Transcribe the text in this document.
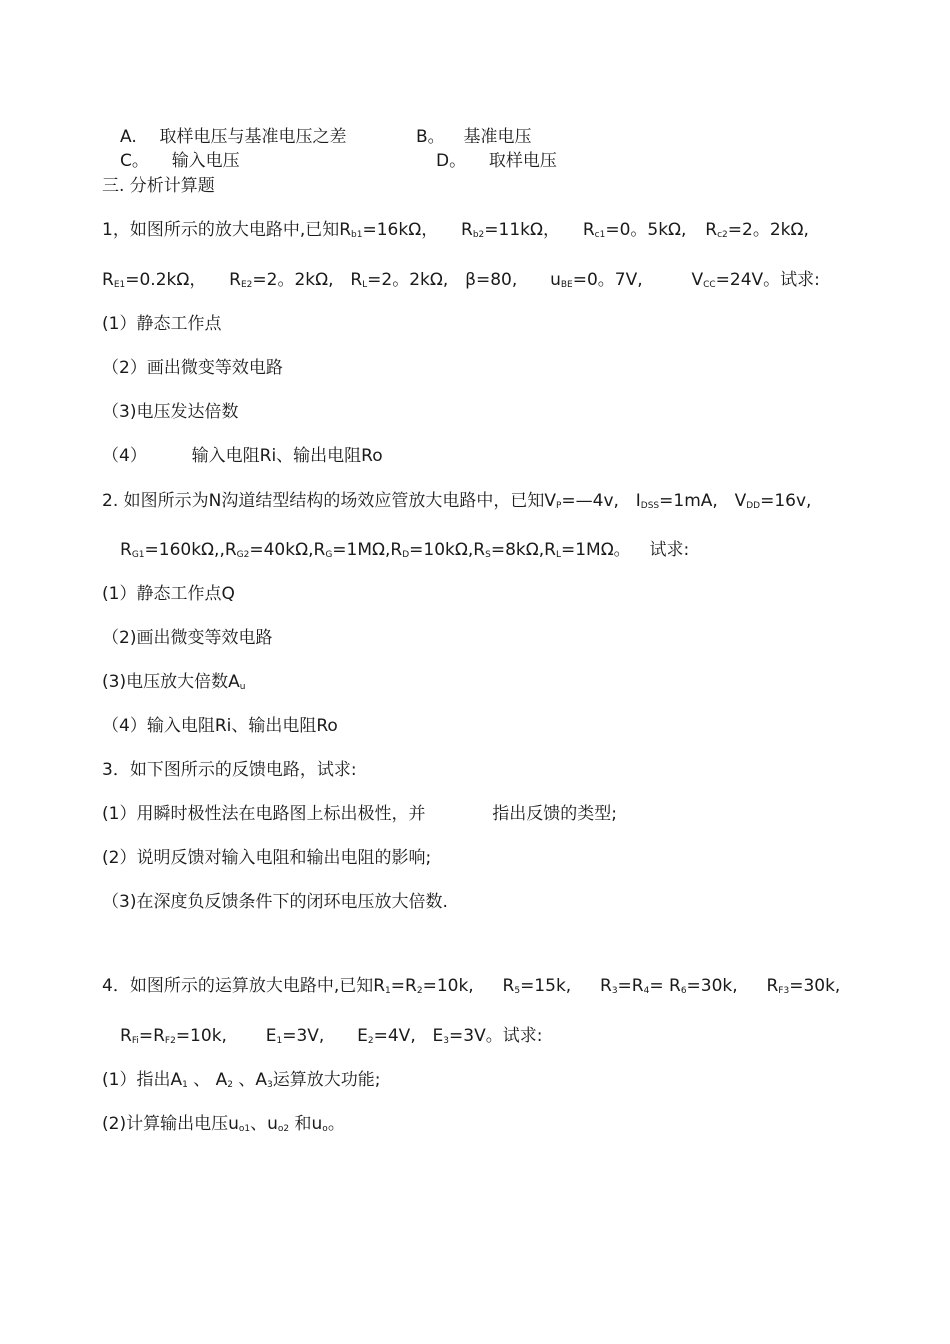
A. 取样电压与基准电压之差	B。 基准电压
C。 输入电压	D。 取样电压
三. 分析计算题
1，如图所示的放大电路中,已知$R_{b1}=16k\Omega$， $R_{b2}=11k\Omega$， $R_{c1}=0$。5kΩ, $R_{c2}=2$。2kΩ,
$R_{E1}=0.2k\Omega$， $R_{E2}=2$。2kΩ, $R_L=2$。2kΩ, β=80, $u_{BE}=0$。7V,	$V_{CC}=24V$。试求:
(1）静态工作点
（2）画出微变等效电路
（3)电压发达倍数
（4）	输入电阻Ri、输出电阻Ro
2. 如图所示为N沟道结型结构的场效应管放大电路中，已知$V_P=—4v$, $I_{DSS}=1mA$, $V_{DD}=16v$,
$R_{G1}=160k\Omega,,R_{G2}=40k\Omega,R_G=1M\Omega,R_D=10k\Omega,R_S=8k\Omega,R_L=1M\Omega$。 试求:
(1）静态工作点Q
（2)画出微变等效电路
(3)电压放大倍数$A_u$
（4）输入电阻Ri、输出电阻Ro
3．如下图所示的反馈电路，试求:
(1）用瞬时极性法在电路图上标出极性，并	指出反馈的类型;
(2）说明反馈对输入电阻和输出电阻的影响;
（3)在深度负反馈条件下的闭环电压放大倍数.
4．如图所示的运算放大电路中,已知$R_1=R_2=10k$, $R_5=15k$, $R_3=R_4= R_6=30k$, $R_{F3}=30k$,
$R_{Fi}=R_{F2}=10k$, $E_1=3V$, $E_2=4V$, $E_3=3V$。试求:
(1）指出$A_1$ 、 $A_2$ 、$A_3$运算放大功能;
(2)计算输出电压$u_{o1}$、$u_{o2}$ 和$u_o$。
